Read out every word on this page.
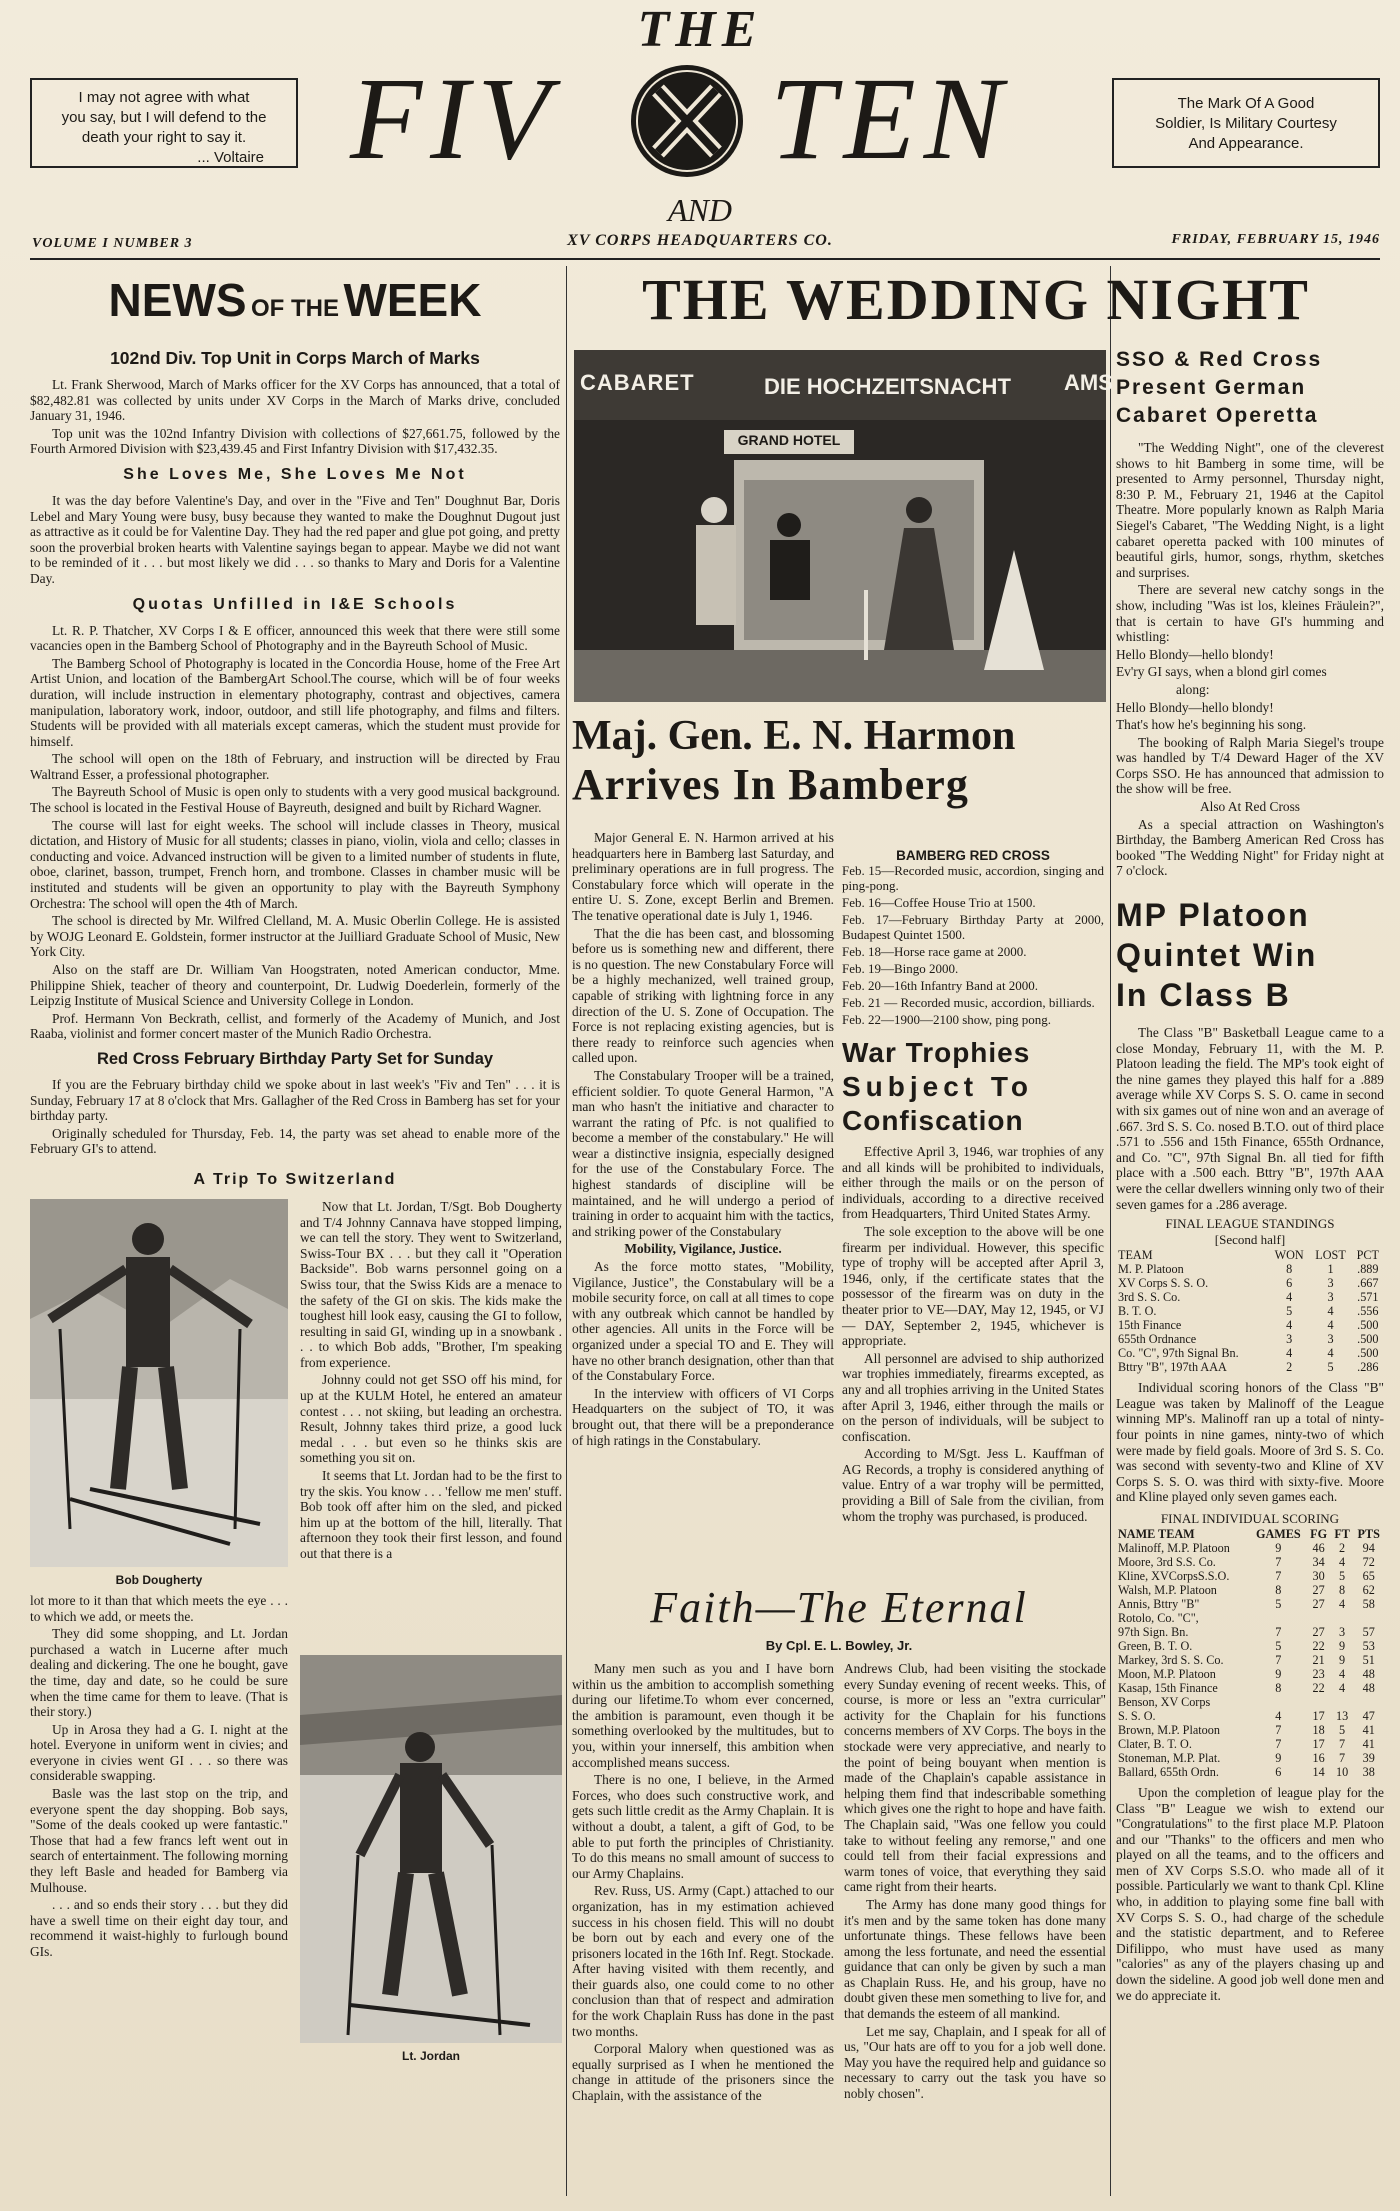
I may not agree with what
you say, but I will defend to the
death your right to say it.
... Voltaire
The Mark Of A Good
Soldier, Is Military Courtesy
And Appearance.
THE
FIV	TEN
AND
XV CORPS HEADQUARTERS CO.
VOLUME I NUMBER 3	FRIDAY, FEBRUARY 15, 1946
NEWS OF THE WEEK
102nd Div. Top Unit in Corps March of Marks

Lt. Frank Sherwood, March of Marks officer for the XV Corps has announced, that a total of $82,482.81 was collected by units under XV Corps in the March of Marks drive, concluded January 31, 1946.

Top unit was the 102nd Infantry Division with collections of $27,661.75, followed by the Fourth Armored Division with $23,439.45 and First Infantry Division with $17,432.35.

She Loves Me, She Loves Me Not

It was the day before Valentine's Day, and over in the "Five and Ten" Doughnut Bar, Doris Lebel and Mary Young were busy, busy because they wanted to make the Doughnut Dugout just as attractive as it could be for Valentine Day. They had the red paper and glue pot going, and pretty soon the proverbial broken hearts with Valentine sayings began to appear. Maybe we did not want to be reminded of it . . . but most likely we did . . . so thanks to Mary and Doris for a Valentine Day.

Quotas Unfilled in I&E Schools

Lt. R. P. Thatcher, XV Corps I & E officer, announced this week that there were still some vacancies open in the Bamberg School of Photography and in the Bayreuth School of Music.

The Bamberg School of Photography is located in the Concordia House, home of the Free Art Artist Union, and location of the BambergArt School.The course, which will be of four weeks duration, will include instruction in elementary photography, contrast and objectives, camera manipulation, laboratory work, indoor, outdoor, and still life photography, and films and filters. Students will be provided with all materials except cameras, which the student must provide for himself.

The school will open on the 18th of February, and instruction will be directed by Frau Waltrand Esser, a professional photographer.

The Bayreuth School of Music is open only to students with a very good musical background. The school is located in the Festival House of Bayreuth, designed and built by Richard Wagner.

The course will last for eight weeks. The school will include classes in Theory, musical dictation, and History of Music for all students; classes in piano, violin, viola and cello; classes in conducting and voice. Advanced instruction will be given to a limited number of students in flute, oboe, clarinet, basson, trumpet, French horn, and trombone. Classes in chamber music will be instituted and students will be given an opportunity to play with the Bayreuth Symphony Orchestra: The school will open the 4th of March.

The school is directed by Mr. Wilfred Clelland, M. A. Music Oberlin College. He is assisted by WOJG Leonard E. Goldstein, former instructor at the Juilliard Graduate School of Music, New York City.

Also on the staff are Dr. William Van Hoogstraten, noted American conductor, Mme. Philippine Shiek, teacher of theory and counterpoint, Dr. Ludwig Doederlein, formerly of the Leipzig Institute of Musical Science and University College in London.

Prof. Hermann Von Beckrath, cellist, and formerly of the Academy of Munich, and Jost Raaba, violinist and former concert master of the Munich Radio Orchestra.

Red Cross February Birthday Party Set for Sunday

If you are the February birthday child we spoke about in last week's "Fiv and Ten" . . . it is Sunday, February 17 at 8 o'clock that Mrs. Gallagher of the Red Cross in Bamberg has set for your birthday party.

Originally scheduled for Thursday, Feb. 14, the party was set ahead to enable more of the February GI's to attend.

A Trip To Switzerland
Bob Dougherty

Now that Lt. Jordan, T/Sgt. Bob Dougherty and T/4 Johnny Cannava have stopped limping, we can tell the story. They went to Switzerland, Swiss-Tour BX . . . but they call it "Operation Backside". Bob warns personnel going on a Swiss tour, that the Swiss Kids are a menace to the safety of the GI on skis. The kids make the toughest hill look easy, causing the GI to follow, resulting in said GI, winding up in a snowbank . . . to which Bob adds, "Brother, I'm speaking from experience.

Johnny could not get SSO off his mind, for up at the KULM Hotel, he entered an amateur contest . . . not skiing, but leading an orchestra. Result, Johnny takes third prize, a good luck medal . . . but even so he thinks skis are something you sit on.

It seems that Lt. Jordan had to be the first to try the skis. You know . . . 'fellow me men' stuff. Bob took off after him on the sled, and picked him up at the bottom of the hill, literally. That afternoon they took their first lesson, and found out that there is a

lot more to it than that which meets the eye . . . to which we add, or meets the.

They did some shopping, and Lt. Jordan purchased a watch in Lucerne after much dealing and dickering. The one he bought, gave the time, day and date, so he could be sure when the time came for them to leave. (That is their story.)

Up in Arosa they had a G. I. night at the hotel. Everyone in uniform went in civies; and everyone in civies went GI . . . so there was considerable swapping.

Basle was the last stop on the trip, and everyone spent the day shopping. Bob says, "Some of the deals cooked up were fantastic." Those that had a few francs left went out in search of entertainment. The following morning they left Basle and headed for Bamberg via Mulhouse.

. . . and so ends their story . . . but they did have a swell time on their eight day tour, and recommend it waist-highly to furlough bound GIs.

Lt. Jordan
THE WEDDING NIGHT
CABARET	DIE HOCHZEITSNACHT AMS
GRAND HOTEL
SSO & Red Cross
Present German
Cabaret Operetta

"The Wedding Night", one of the cleverest shows to hit Bamberg in some time, will be presented to Army personnel, Thursday night, 8:30 P. M., February 21, 1946 at the Capitol Theatre. More popularly known as Ralph Maria Siegel's Cabaret, "The Wedding Night, is a light cabaret operetta packed with 100 minutes of beautiful girls, humor, songs, rhythm, sketches and surprises.

There are several new catchy songs in the show, including "Was ist los, kleines Fräulein?", that is certain to have GI's humming and whistling:

Hello Blondy—hello blondy!

Ev'ry GI says, when a blond girl comes

along:

Hello Blondy—hello blondy!

That's how he's beginning his song.

The booking of Ralph Maria Siegel's troupe was handled by T/4 Deward Hager of the XV Corps SSO. He has announced that admission to the show will be free.

Also At Red Cross

As a special attraction on Washington's Birthday, the Bamberg American Red Cross has booked "The Wedding Night" for Friday night at 7 o'clock.

MP Platoon
Quintet Win
In Class B

The Class "B" Basketball League came to a close Monday, February 11, with the M. P. Platoon leading the field. The MP's took eight of the nine games they played this half for a .889 average while XV Corps S. S. O. came in second with six games out of nine won and an average of .667. 3rd S. S. Co. nosed B.T.O. out of third place .571 to .556 and 15th Finance, 655th Ordnance, and Co. "C", 97th Signal Bn. all tied for fifth place with a .500 each. Bttry "B", 197th AAA were the cellar dwellers winning only two of their seven games for a .286 average.

FINAL LEAGUE STANDINGS
[Second half]
TEAM	WON	LOST	PCT
M. P. Platoon	8	1	.889
XV Corps S. S. O.	6	3	.667
3rd S. S. Co.	4	3	.571
B. T. O.	5	4	.556
15th Finance	4	4	.500
655th Ordnance	3	3	.500
Co. "C", 97th Signal Bn.	4	4	.500
Bttry "B", 197th AAA	2	5	.286

Individual scoring honors of the Class "B" League was taken by Malinoff of the League winning MP's. Malinoff ran up a total of ninty-four points in nine games, ninty-two of which were made by field goals. Moore of 3rd S. S. Co. was second with seventy-two and Kline of XV Corps S. S. O. was third with sixty-five. Moore and Kline played only seven games each.

FINAL INDIVIDUAL SCORING
NAME TEAM	GAMES	FG	FT	PTS
Malinoff, M.P. Platoon	9	46	2	94
Moore, 3rd S.S. Co.	7	34	4	72
Kline, XVCorpsS.S.O.	7	30	5	65
Walsh, M.P. Platoon	8	27	8	62
Annis, Bttry "B"	5	27	4	58
Rotolo, Co. "C",				
97th Sign. Bn.	7	27	3	57
Green, B. T. O.	5	22	9	53
Markey, 3rd S. S. Co.	7	21	9	51
Moon, M.P. Platoon	9	23	4	48
Kasap, 15th Finance	8	22	4	48
Benson, XV Corps				
S. S. O.	4	17	13	47
Brown, M.P. Platoon	7	18	5	41
Clater, B. T. O.	7	17	7	41
Stoneman, M.P. Plat.	9	16	7	39
Ballard, 655th Ordn.	6	14	10	38

Upon the completion of league play for the Class "B" League we wish to extend our "Congratulations" to the first place M.P. Platoon and our "Thanks" to the officers and men who played on all the teams, and to the officers and men of XV Corps S.S.O. who made all of it possible. Particularly we want to thank Cpl. Kline who, in addition to playing some fine ball with XV Corps S. S. O., had charge of the schedule and the statistic department, and to Referee Difilippo, who must have used as many "calories" as any of the players chasing up and down the sideline. A good job well done men and we do appreciate it.

Maj. Gen. E. N. Harmon
Arrives In Bamberg

Major General E. N. Harmon arrived at his headquarters here in Bamberg last Saturday, and preliminary operations are in full progress. The Constabulary force which will operate in the entire U. S. Zone, except Berlin and Bremen. The tenative operational date is July 1, 1946.

That the die has been cast, and blossoming before us is something new and different, there is no question. The new Constabulary Force will be a highly mechanized, well trained group, capable of striking with lightning force in any direction of the U. S. Zone of Occupation. The Force is not replacing existing agencies, but is there ready to reinforce such agencies when called upon.

The Constabulary Trooper will be a trained, efficient soldier. To quote General Harmon, "A man who hasn't the initiative and character to warrant the rating of Pfc. is not qualified to become a member of the constabulary." He will wear a distinctive insignia, especially designed for the use of the Constabulary Force. The highest standards of discipline will be maintained, and he will undergo a period of training in order to acquaint him with the tactics, and striking power of the Constabulary

Mobility, Vigilance, Justice.

As the force motto states, "Mobility, Vigilance, Justice", the Constabulary will be a mobile security force, on call at all times to cope with any outbreak which cannot be handled by other agencies. All units in the Force will be organized under a special TO and E. They will have no other branch designation, other than that of the Constabulary Force.

In the interview with officers of VI Corps Headquarters on the subject of TO, it was brought out, that there will be a preponderance of high ratings in the Constabulary.

BAMBERG RED CROSS

Feb. 15—Recorded music, accordion, singing and ping-pong.

Feb. 16—Coffee House Trio at 1500.

Feb. 17—February Birthday Party at 2000, Budapest Quintet 1500.

Feb. 18—Horse race game at 2000.

Feb. 19—Bingo 2000.

Feb. 20—16th Infantry Band at 2000.

Feb. 21 — Recorded music, accordion, billiards.

Feb. 22—1900—2100 show, ping pong.

War Trophies
Subject To
Confiscation

Effective April 3, 1946, war trophies of any and all kinds will be prohibited to individuals, either through the mails or on the person of individuals, according to a directive received from Headquarters, Third United States Army.

The sole exception to the above will be one firearm per individual. However, this specific type of trophy will be accepted after April 3, 1946, only, if the certificate states that the possessor of the firearm was on duty in the theater prior to VE—DAY, May 12, 1945, or VJ — DAY, September 2, 1945, whichever is appropriate.

All personnel are advised to ship authorized war trophies immediately, firearms excepted, as any and all trophies arriving in the United States after April 3, 1946, either through the mails or on the person of individuals, will be subject to confiscation.

According to M/Sgt. Jess L. Kauffman of AG Records, a trophy is considered anything of value. Entry of a war trophy will be permitted, providing a Bill of Sale from the civilian, from whom the trophy was purchased, is produced.

Faith—The Eternal
By Cpl. E. L. Bowley, Jr.

Many men such as you and I have born within us the ambition to accomplish something during our lifetime.To whom ever concerned, the ambition is paramount, even though it be something overlooked by the multitudes, but to you, within your innerself, this ambition when accomplished means success.

There is no one, I believe, in the Armed Forces, who does such constructive work, and gets such little credit as the Army Chaplain. It is without a doubt, a talent, a gift of God, to be able to put forth the principles of Christianity. To do this means no small amount of success to our Army Chaplains.

Rev. Russ, US. Army (Capt.) attached to our organization, has in my estimation achieved success in his chosen field. This will no doubt be born out by each and every one of the prisoners located in the 16th Inf. Regt. Stockade. After having visited with them recently, and their guards also, one could come to no other conclusion than that of respect and admiration for the work Chaplain Russ has done in the past two months.

Corporal Malory when questioned was as equally surprised as I when he mentioned the change in attitude of the prisoners since the Chaplain, with the assistance of the

Andrews Club, had been visiting the stockade every Sunday evening of recent weeks. This, of course, is more or less an "extra curricular" activity for the Chaplain for his functions concerns members of XV Corps. The boys in the stockade were very appreciative, and nearly to the point of being bouyant when mention is made of the Chaplain's capable assistance in helping them find that indescribable something which gives one the right to hope and have faith. The Chaplain said, "Was one fellow you could take to without feeling any remorse," and one could tell from their facial expressions and warm tones of voice, that everything they said came right from their hearts.

The Army has done many good things for it's men and by the same token has done many unfortunate things. These fellows have been among the less fortunate, and need the essential guidance that can only be given by such a man as Chaplain Russ. He, and his group, have no doubt given these men something to live for, and that demands the esteem of all mankind.

Let me say, Chaplain, and I speak for all of us, "Our hats are off to you for a job well done. May you have the required help and guidance so necessary to carry out the task you have so nobly chosen".
